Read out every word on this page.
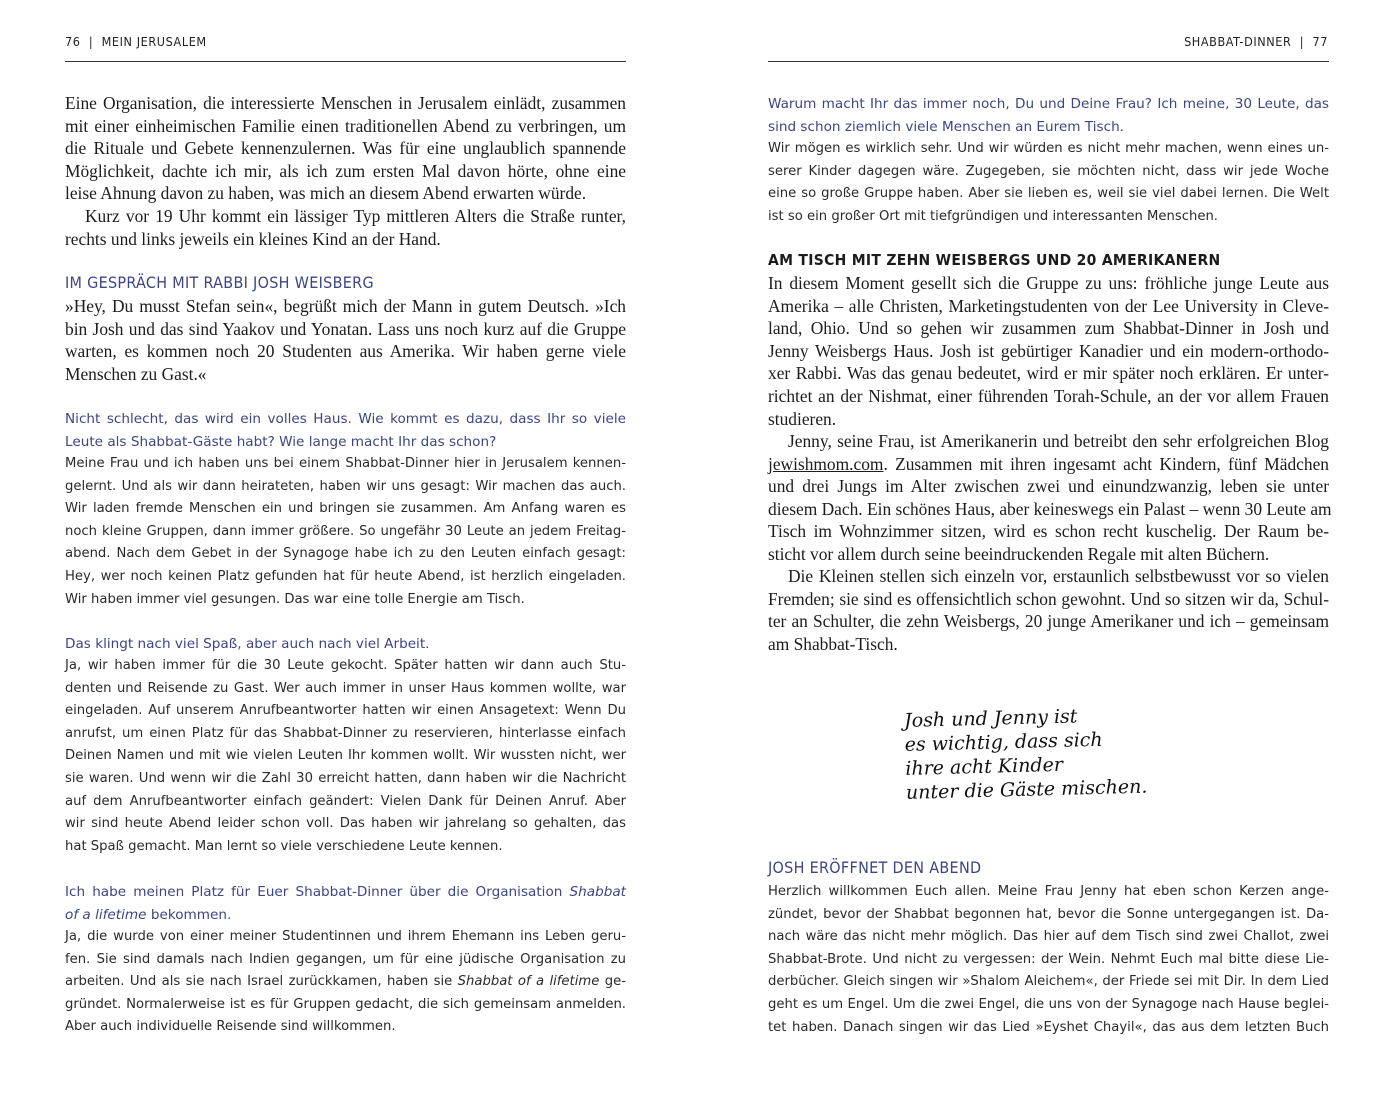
76  |  MEIN JERUSALEM	SHABBAT-DINNER  |  77
Eine Organisation, die interessierte Menschen in Jerusalem einlädt, zusammen
mit einer einheimischen Familie einen traditionellen Abend zu verbringen, um
die Rituale und Gebete kennenzulernen. Was für eine unglaublich spannende
Möglichkeit, dachte ich mir, als ich zum ersten Mal davon hörte, ohne eine
leise Ahnung davon zu haben, was mich an diesem Abend erwarten würde.
Kurz vor 19 Uhr kommt ein lässiger Typ mittleren Alters die Straße runter,
rechts und links jeweils ein kleines Kind an der Hand.
IM GESPRÄCH MIT RABBI JOSH WEISBERG
»Hey, Du musst Stefan sein«, begrüßt mich der Mann in gutem Deutsch. »Ich
bin Josh und das sind Yaakov und Yonatan. Lass uns noch kurz auf die Gruppe
warten, es kommen noch 20 Studenten aus Amerika. Wir haben gerne viele
Menschen zu Gast.«
Nicht schlecht, das wird ein volles Haus. Wie kommt es dazu, dass Ihr so viele
Leute als Shabbat-Gäste habt? Wie lange macht Ihr das schon?
Meine Frau und ich haben uns bei einem Shabbat-Dinner hier in Jerusalem kennen-
gelernt. Und als wir dann heirateten, haben wir uns gesagt: Wir machen das auch.
Wir laden fremde Menschen ein und bringen sie zusammen. Am Anfang waren es
noch kleine Gruppen, dann immer größere. So ungefähr 30 Leute an jedem Freitag-
abend. Nach dem Gebet in der Synagoge habe ich zu den Leuten einfach gesagt:
Hey, wer noch keinen Platz gefunden hat für heute Abend, ist herzlich eingeladen.
Wir haben immer viel gesungen. Das war eine tolle Energie am Tisch.
Das klingt nach viel Spaß, aber auch nach viel Arbeit.
Ja, wir haben immer für die 30 Leute gekocht. Später hatten wir dann auch Stu-
denten und Reisende zu Gast. Wer auch immer in unser Haus kommen wollte, war
eingeladen. Auf unserem Anrufbeantworter hatten wir einen Ansagetext: Wenn Du
anrufst, um einen Platz für das Shabbat-Dinner zu reservieren, hinterlasse einfach
Deinen Namen und mit wie vielen Leuten Ihr kommen wollt. Wir wussten nicht, wer
sie waren. Und wenn wir die Zahl 30 erreicht hatten, dann haben wir die Nachricht
auf dem Anrufbeantworter einfach geändert: Vielen Dank für Deinen Anruf. Aber
wir sind heute Abend leider schon voll. Das haben wir jahrelang so gehalten, das
hat Spaß gemacht. Man lernt so viele verschiedene Leute kennen.
Ich habe meinen Platz für Euer Shabbat-Dinner über die Organisation Shabbat
of a lifetime bekommen.
Ja, die wurde von einer meiner Studentinnen und ihrem Ehemann ins Leben geru-
fen. Sie sind damals nach Indien gegangen, um für eine jüdische Organisation zu
arbeiten. Und als sie nach Israel zurückkamen, haben sie Shabbat of a lifetime ge-
gründet. Normalerweise ist es für Gruppen gedacht, die sich gemeinsam anmelden.
Aber auch individuelle Reisende sind willkommen.
Warum macht Ihr das immer noch, Du und Deine Frau? Ich meine, 30 Leute, das
sind schon ziemlich viele Menschen an Eurem Tisch.
Wir mögen es wirklich sehr. Und wir würden es nicht mehr machen, wenn eines un-
serer Kinder dagegen wäre. Zugegeben, sie möchten nicht, dass wir jede Woche
eine so große Gruppe haben. Aber sie lieben es, weil sie viel dabei lernen. Die Welt
ist so ein großer Ort mit tiefgründigen und interessanten Menschen.
AM TISCH MIT ZEHN WEISBERGS UND 20 AMERIKANERN
In diesem Moment gesellt sich die Gruppe zu uns: fröhliche junge Leute aus
Amerika – alle Christen, Marketingstudenten von der Lee University in Cleve-
land, Ohio. Und so gehen wir zusammen zum Shabbat-Dinner in Josh und
Jenny Weisbergs Haus. Josh ist gebürtiger Kanadier und ein modern-orthodo-
xer Rabbi. Was das genau bedeutet, wird er mir später noch erklären. Er unter-
richtet an der Nishmat, einer führenden Torah-Schule, an der vor allem Frauen
studieren.
Jenny, seine Frau, ist Amerikanerin und betreibt den sehr erfolgreichen Blog
jewishmom.com. Zusammen mit ihren ingesamt acht Kindern, fünf Mädchen
und drei Jungs im Alter zwischen zwei und einundzwanzig, leben sie unter
diesem Dach. Ein schönes Haus, aber keineswegs ein Palast – wenn 30 Leute am
Tisch im Wohnzimmer sitzen, wird es schon recht kuschelig. Der Raum be-
sticht vor allem durch seine beeindruckenden Regale mit alten Büchern.
Die Kleinen stellen sich einzeln vor, erstaunlich selbstbewusst vor so vielen
Fremden; sie sind es offensichtlich schon gewohnt. Und so sitzen wir da, Schul-
ter an Schulter, die zehn Weisbergs, 20 junge Amerikaner und ich – gemeinsam
am Shabbat-Tisch.
JOSH ERÖFFNET DEN ABEND
Herzlich willkommen Euch allen. Meine Frau Jenny hat eben schon Kerzen ange-
zündet, bevor der Shabbat begonnen hat, bevor die Sonne untergegangen ist. Da-
nach wäre das nicht mehr möglich. Das hier auf dem Tisch sind zwei Challot, zwei
Shabbat-Brote. Und nicht zu vergessen: der Wein. Nehmt Euch mal bitte diese Lie-
derbücher. Gleich singen wir »Shalom Aleichem«, der Friede sei mit Dir. In dem Lied
geht es um Engel. Um die zwei Engel, die uns von der Synagoge nach Hause beglei-
tet haben. Danach singen wir das Lied »Eyshet Chayil«, das aus dem letzten Buch
Josh und Jenny ist
es wichtig, dass sich
ihre acht Kinder
unter die Gäste mischen.
